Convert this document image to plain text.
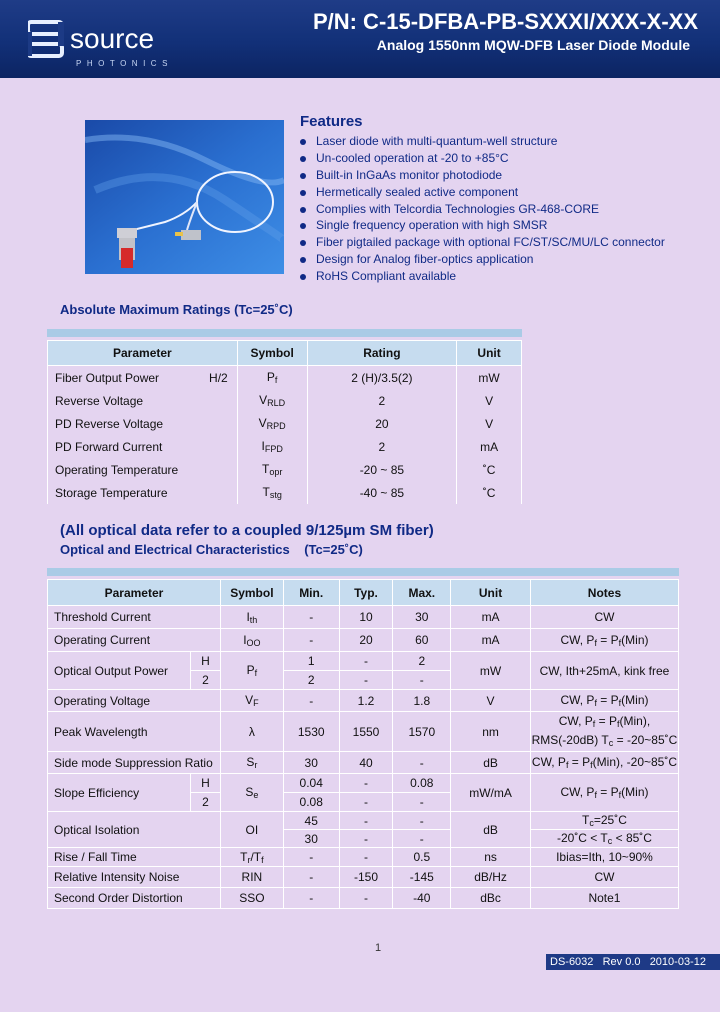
source
PHOTONICS
P/N: C-15-DFBA-PB-SXXXI/XXX-X-XX
Analog 1550nm MQW-DFB Laser Diode Module
Features
Laser diode with multi-quantum-well structure
Un-cooled operation at -20 to +85°C
Built-in InGaAs monitor photodiode
Hermetically sealed active component
Complies with Telcordia Technologies GR-468-CORE
Single frequency operation with high SMSR
Fiber pigtailed package with optional FC/ST/SC/MU/LC connector
Design for Analog fiber-optics application
RoHS Compliant available
Absolute Maximum Ratings (Tc=25˚C)
Parameter	Symbol	Rating	Unit
Fiber Output Power H/2	$P_f$	2 (H)/3.5(2)	mW
Reverse Voltage	$V_{RLD}$	2	V
PD Reverse Voltage	$V_{RPD}$	20	V
PD Forward Current	$I_{FPD}$	2	mA
Operating Temperature	$T_{opr}$	-20 ~ 85	˚C
Storage Temperature	$T_{stg}$	-40 ~ 85	˚C
(All optical data refer to a coupled 9/125µm SM fiber)
Optical and Electrical Characteristics    (Tc=25˚C)
Parameter		Symbol	Min.	Typ.	Max.	Unit	Notes
Threshold Current		$I_{th}$	-	10	30	mA	CW
Operating Current		$I_{OO}$	-	20	60	mA	CW, $P_f = P_f(Min)$
Optical Output Power	H	$P_f$	1	-	2	mW	CW, Ith+25mA, kink free
	2		2	-	-		
Operating Voltage		$V_F$	-	1.2	1.8	V	CW, $P_f = P_f(Min)$
Peak Wavelength		λ	1530	1550	1570	nm	CW, $P_f = P_f(Min)$,
RMS(-20dB) $T_c$ = -20~85˚C
Side mode Suppression Ratio		$S_r$	30	40	-	dB	CW, $P_f = P_f(Min)$, -20~85˚C
Slope Efficiency	H	$S_e$	0.04	-	0.08	mW/mA	CW, $P_f = P_f(Min)$
	2		0.08	-	-		
Optical Isolation		OI	45	-	-	dB	$T_c=25˚C$
			30	-	-		-20˚C < $T_c$ < 85˚C
Rise / Fall Time		$T_r/T_f$	-	-	0.5	ns	Ibias=Ith, 10~90%
Relative Intensity Noise		RIN	-	-150	-145	dB/Hz	CW
Second Order Distortion		SSO	-	-	-40	dBc	Note1
1
DS-6032 Rev 0.0 2010-03-12
